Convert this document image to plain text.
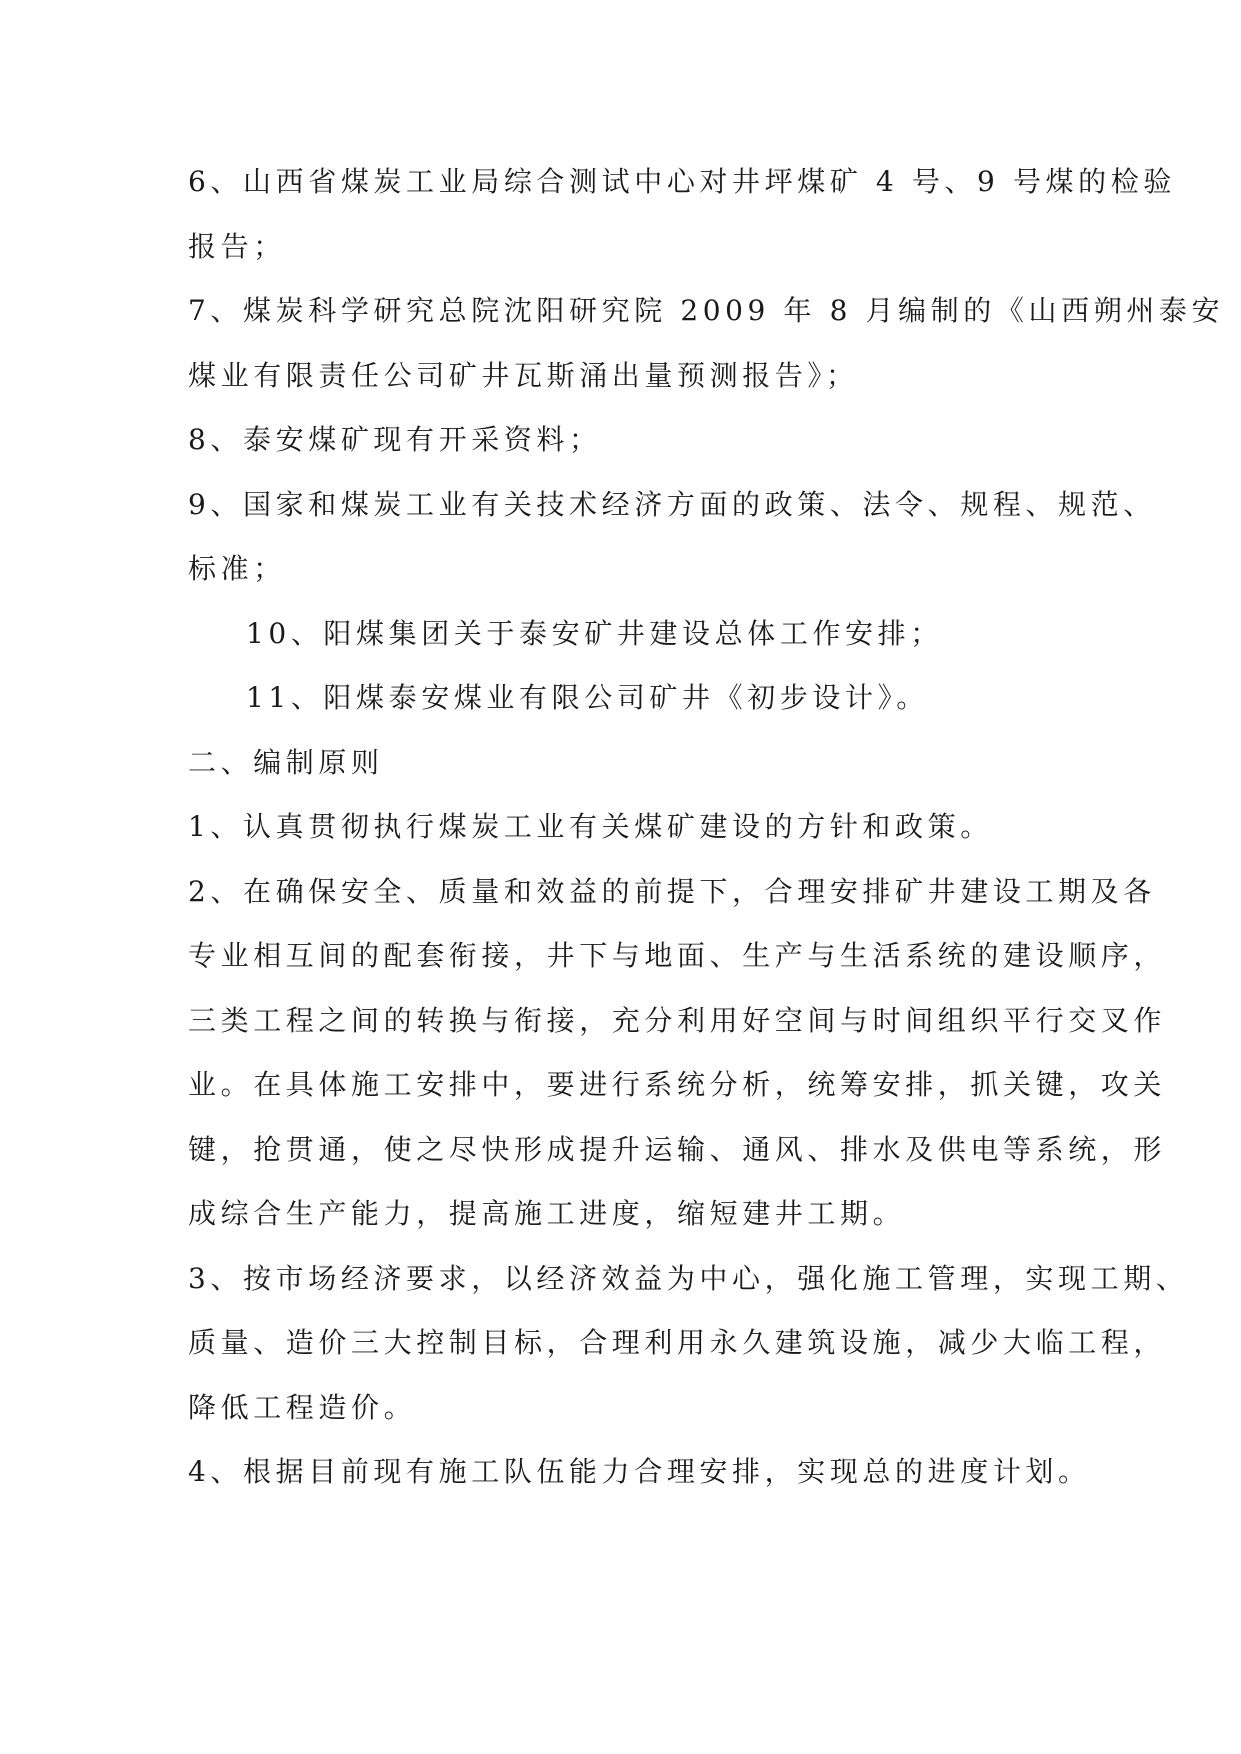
6、山西省煤炭工业局综合测试中心对井坪煤矿 4 号、9 号煤的检验
报告；
7、煤炭科学研究总院沈阳研究院 2009 年 8 月编制的《山西朔州泰安
煤业有限责任公司矿井瓦斯涌出量预测报告》；
8、泰安煤矿现有开采资料；
9、国家和煤炭工业有关技术经济方面的政策、法令、规程、规范、
标准；
10、阳煤集团关于泰安矿井建设总体工作安排；
11、阳煤泰安煤业有限公司矿井《初步设计》。
二、编制原则
1、认真贯彻执行煤炭工业有关煤矿建设的方针和政策。
2、在确保安全、质量和效益的前提下，合理安排矿井建设工期及各
专业相互间的配套衔接，井下与地面、生产与生活系统的建设顺序，
三类工程之间的转换与衔接，充分利用好空间与时间组织平行交叉作
业。在具体施工安排中，要进行系统分析，统筹安排，抓关键，攻关
键，抢贯通，使之尽快形成提升运输、通风、排水及供电等系统，形
成综合生产能力，提高施工进度，缩短建井工期。
3、按市场经济要求，以经济效益为中心，强化施工管理，实现工期、
质量、造价三大控制目标，合理利用永久建筑设施，减少大临工程，
降低工程造价。
4、根据目前现有施工队伍能力合理安排，实现总的进度计划。
